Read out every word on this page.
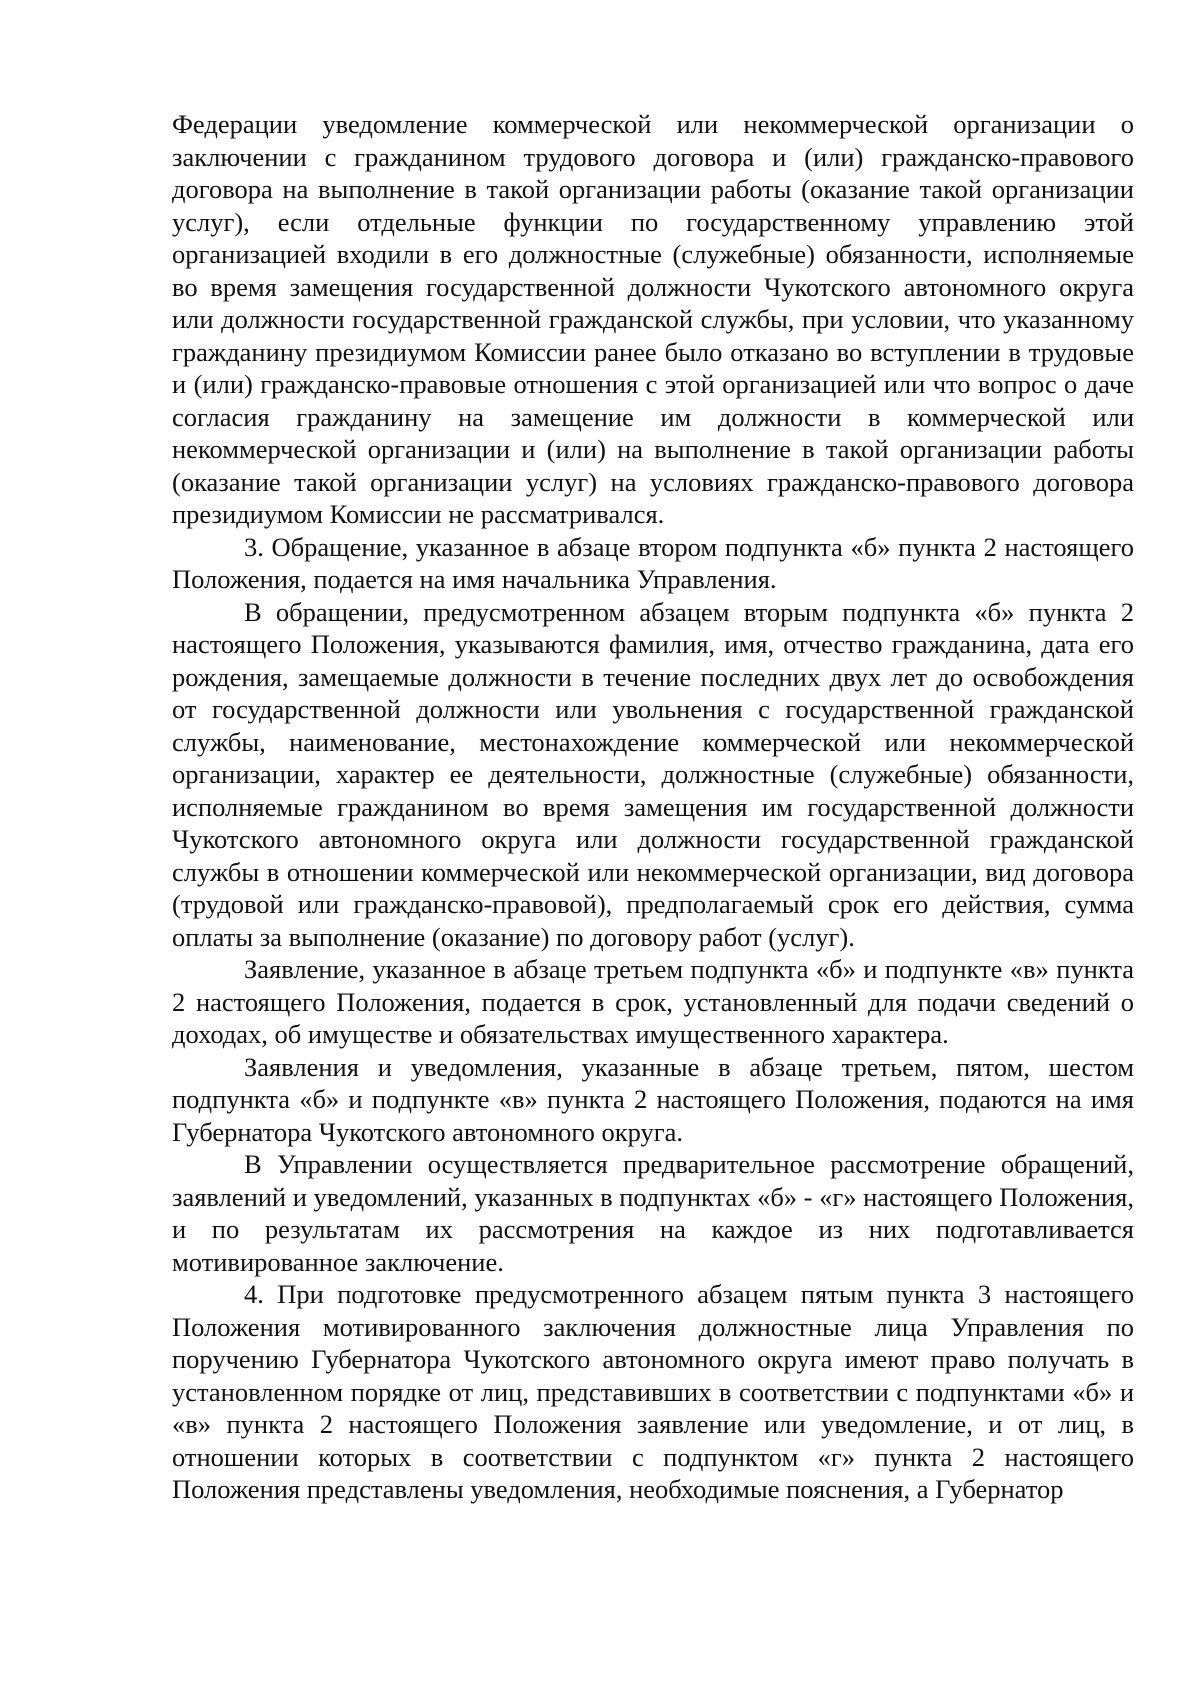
Федерации уведомление коммерческой или некоммерческой организации о заключении с гражданином трудового договора и (или) гражданско-правового договора на выполнение в такой организации работы (оказание такой организации услуг), если отдельные функции по государственному управлению этой организацией входили в его должностные (служебные) обязанности, исполняемые во время замещения государственной должности Чукотского автономного округа или должности государственной гражданской службы, при условии, что указанному гражданину президиумом Комиссии ранее было отказано во вступлении в трудовые и (или) гражданско-правовые отношения с этой организацией или что вопрос о даче согласия гражданину на замещение им должности в коммерческой или некоммерческой организации и (или) на выполнение в такой организации работы (оказание такой организации услуг) на условиях гражданско-правового договора президиумом Комиссии не рассматривался.

3. Обращение, указанное в абзаце втором подпункта «б» пункта 2 настоящего Положения, подается на имя начальника Управления.

В обращении, предусмотренном абзацем вторым подпункта «б» пункта 2 настоящего Положения, указываются фамилия, имя, отчество гражданина, дата его рождения, замещаемые должности в течение последних двух лет до освобождения от государственной должности или увольнения с государственной гражданской службы, наименование, местонахождение коммерческой или некоммерческой организации, характер ее деятельности, должностные (служебные) обязанности, исполняемые гражданином во время замещения им государственной должности Чукотского автономного округа или должности государственной гражданской службы в отношении коммерческой или некоммерческой организации, вид договора (трудовой или гражданско-правовой), предполагаемый срок его действия, сумма оплаты за выполнение (оказание) по договору работ (услуг).

Заявление, указанное в абзаце третьем подпункта «б» и подпункте «в» пункта 2 настоящего Положения, подается в срок, установленный для подачи сведений о доходах, об имуществе и обязательствах имущественного характера.

Заявления и уведомления, указанные в абзаце третьем, пятом, шестом подпункта «б» и подпункте «в» пункта 2 настоящего Положения, подаются на имя Губернатора Чукотского автономного округа.

В Управлении осуществляется предварительное рассмотрение обращений, заявлений и уведомлений, указанных в подпунктах «б» - «г» настоящего Положения, и по результатам их рассмотрения на каждое из них подготавливается мотивированное заключение.

4. При подготовке предусмотренного абзацем пятым пункта 3 настоящего Положения мотивированного заключения должностные лица Управления по поручению Губернатора Чукотского автономного округа имеют право получать в установленном порядке от лиц, представивших в соответствии с подпунктами «б» и «в» пункта 2 настоящего Положения заявление или уведомление, и от лиц, в отношении которых в соответствии с подпунктом «г» пункта 2 настоящего Положения представлены уведомления, необходимые пояснения, а Губернатор
